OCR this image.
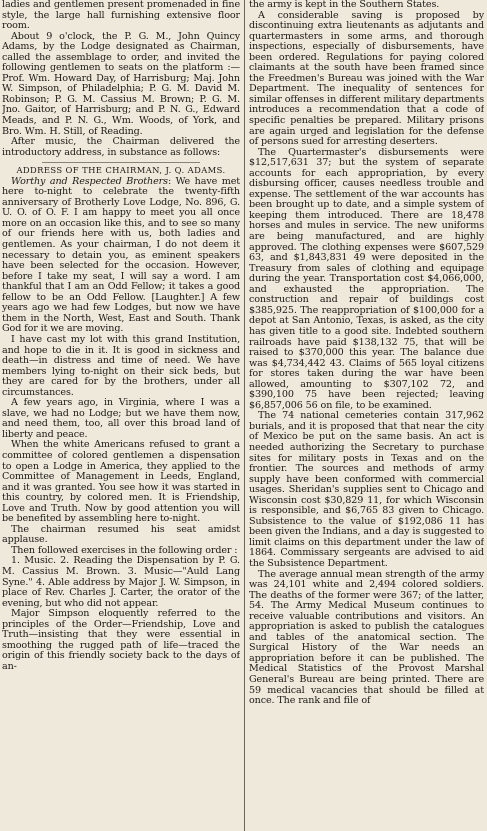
ladies and gentlemen present promenaded in fine style, the large hall furnishing extensive floor room.

About 9 o'clock, the P. G. M., John Quincy Adams, by the Lodge designated as Chairman, called the assemblage to order, and invited the following gentlemen to seats on the platform :—Prof. Wm. Howard Day, of Harrisburg; Maj. John W. Simpson, of Philadelphia; P. G. M. David M. Robinson; P. G. M. Cassius M. Brown; P. G. M. Jno. Gaitor, of Harrisburg; and P. N. G., Edward Meads, and P. N. G., Wm. Woods, of York, and Bro. Wm. H. Still, of Reading.

After music, the Chairman delivered the introductory address, in substance as follows:

ADDRESS OF THE CHAIRMAN, J. Q. ADAMS.

Worthy and Respected Brothers: We have met here to-night to celebrate the twenty-fifth anniversary of Brotherly Love Lodge, No. 896, G. U. O. of O. F. I am happy to meet you all once more on an occasion like this, and to see so many of our friends here with us, both ladies and gentlemen. As your chairman, I do not deem it necessary to detain you, as eminent speakers have been selected for the occasion. However, before I take my seat, I will say a word. I am thankful that I am an Odd Fellow; it takes a good fellow to be an Odd Fellow. [Laughter.] A few years ago we had few Lodges, but now we have them in the North, West, East and South. Thank God for it we are moving.

I have cast my lot with this grand Institution, and hope to die in it. It is good in sickness and death—in distress and time of need. We have members lying to-night on their sick beds, but they are cared for by the brothers, under all circumstances.

A few years ago, in Virginia, where I was a slave, we had no Lodge; but we have them now, and need them, too, all over this broad land of liberty and peace.

When the white Americans refused to grant a committee of colored gentlemen a dispensation to open a Lodge in America, they applied to the Committee of Management in Leeds, England, and it was granted. You see how it was started in this country, by colored men. It is Friendship, Love and Truth. Now by good attention you will be benefited by assembling here to-night.

The chairman resumed his seat amidst applause.

Then followed exercises in the following order :

1. Music. 2. Reading the Dispensation by P. G. M. Cassius M. Brown. 3. Music—"Auld Lang Syne." 4. Able address by Major J. W. Simpson, in place of Rev. Charles J. Carter, the orator of the evening, but who did not appear.

Major Simpson eloquently referred to the principles of the Order—Friendship, Love and Truth—insisting that they were essential in smoothing the rugged path of life—traced the origin of this friendly society back to the days of an-

the army is kept in the Southern States.

A considerable saving is proposed by discontinuing extra lieutenants as adjutants and quartermasters in some arms, and thorough inspections, especially of disbursements, have been ordered. Regulations for paying colored claimants at the south have been framed since the Freedmen's Bureau was joined with the War Department. The inequality of sentences for similar offenses in different military departments introduces a recommendation that a code of specific penalties be prepared. Military prisons are again urged and legislation for the defense of persons sued for arresting deserters.

The Quartermaster's disbursements were $12,517,631 37; but the system of separate accounts for each appropriation, by every disbursing officer, causes needless trouble and expense. The settlement of the war accounts has been brought up to date, and a simple system of keeping them introduced. There are 18,478 horses and mules in service. The new uniforms are being manufactured, and are highly approved. The clothing expenses were $607,529 63, and $1,843,831 49 were deposited in the Treasury from sales of clothing and equipage during the year. Transportation cost $4,066,000, and exhausted the appropriation. The construction and repair of buildings cost $385,925. The reappropriation of $100,000 for a depot at San Antonio, Texas, is asked, as the city has given title to a good site. Indebted southern railroads have paid $138,132 75, that will be raised to $370,000 this year. The balance due was $4,734,442 43. Claims of 565 loyal citizens for stores taken during the war have been allowed, amounting to $307,102 72, and $390,100 75 have been rejected; leaving $6,857,006 56 on file, to be examined.

The 74 national cemeteries contain 317,962 burials, and it is proposed that that near the city of Mexico be put on the same basis. An act is needed authorizing the Secretary to purchase sites for military posts in Texas and on the frontier. The sources and methods of army supply have been conformed with commercial usages. Sheridan's supplies sent to Chicago and Wisconsin cost $30,829 11, for which Wisconsin is responsible, and $6,765 83 given to Chicago. Subsistence to the value of $192,086 11 has been given the Indians, and a day is suggested to limit claims on this department under the law of 1864. Commissary sergeants are advised to aid the Subsistence Department.

The average annual mean strength of the army was 24,101 white and 2,494 colored soldiers. The deaths of the former were 367; of the latter, 54. The Army Medical Museum continues to receive valuable contributions and visitors. An appropriation is asked to publish the catalogues and tables of the anatomical section. The Surgical History of the War needs an appropriation before it can be published. The Medical Statistics of the Provost Marshal General's Bureau are being printed. There are 59 medical vacancies that should be filled at once. The rank and file of
